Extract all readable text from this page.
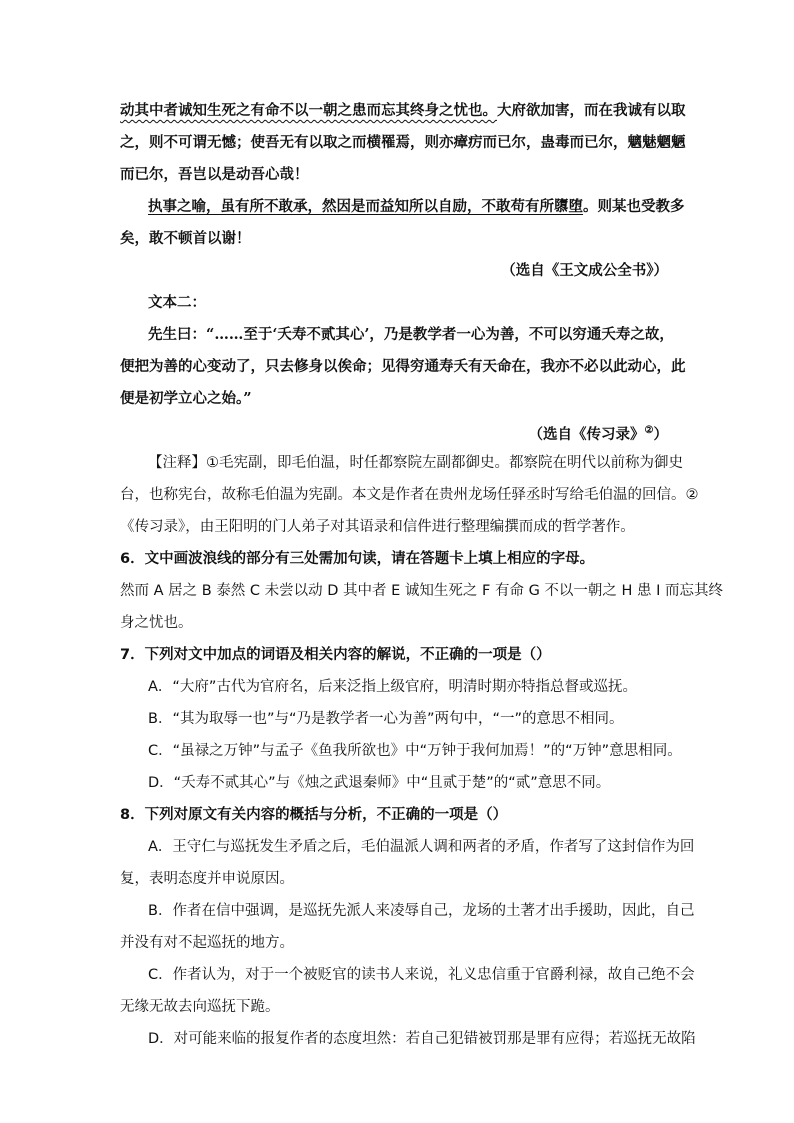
动其中者诚知生死之有命不以一朝之患而忘其终身之忧也。大府欲加害，而在我诚有以取
之，则不可谓无憾；使吾无有以取之而横罹焉，则亦瘴疠而已尔，蛊毒而已尔，魑魅魍魉
而已尔，吾岂以是动吾心哉！
执事之喻，虽有所不敢承，然因是而益知所以自励，不敢苟有所隳堕。则某也受教多
矣，敢不顿首以谢！
（选自《王文成公全书》）
文本二：
先生曰：“……至于‘夭寿不贰其心’，乃是教学者一心为善，不可以穷通夭寿之故，
便把为善的心变动了，只去修身以俟命；见得穷通寿夭有天命在，我亦不必以此动心，此
便是初学立心之始。”
（选自《传习录》②）
【注释】①毛宪副，即毛伯温，时任都察院左副都御史。都察院在明代以前称为御史
台，也称宪台，故称毛伯温为宪副。本文是作者在贵州龙场任驿丞时写给毛伯温的回信。②
《传习录》，由王阳明的门人弟子对其语录和信件进行整理编撰而成的哲学著作。
6．文中画波浪线的部分有三处需加句读，请在答题卡上填上相应的字母。
然而 A 居之 B 泰然 C 未尝以动 D 其中者 E 诚知生死之 F 有命 G 不以一朝之 H 患 I 而忘其终
身之忧也。
7．下列对文中加点的词语及相关内容的解说，不正确的一项是（）
A．“大府”古代为官府名，后来泛指上级官府，明清时期亦特指总督或巡抚。
B．“其为取辱一也”与“乃是教学者一心为善”两句中，“一”的意思不相同。
C．“虽禄之万钟”与孟子《鱼我所欲也》中“万钟于我何加焉！”的“万钟”意思相同。
D．“夭寿不贰其心”与《烛之武退秦师》中“且贰于楚”的“贰”意思不同。
8．下列对原文有关内容的概括与分析，不正确的一项是（）
A．王守仁与巡抚发生矛盾之后，毛伯温派人调和两者的矛盾，作者写了这封信作为回
复，表明态度并申说原因。
B．作者在信中强调，是巡抚先派人来凌辱自己，龙场的土著才出手援助，因此，自己
并没有对不起巡抚的地方。
C．作者认为，对于一个被贬官的读书人来说，礼义忠信重于官爵利禄，故自己绝不会
无缘无故去向巡抚下跪。
D．对可能来临的报复作者的态度坦然：若自己犯错被罚那是罪有应得；若巡抚无故陷
